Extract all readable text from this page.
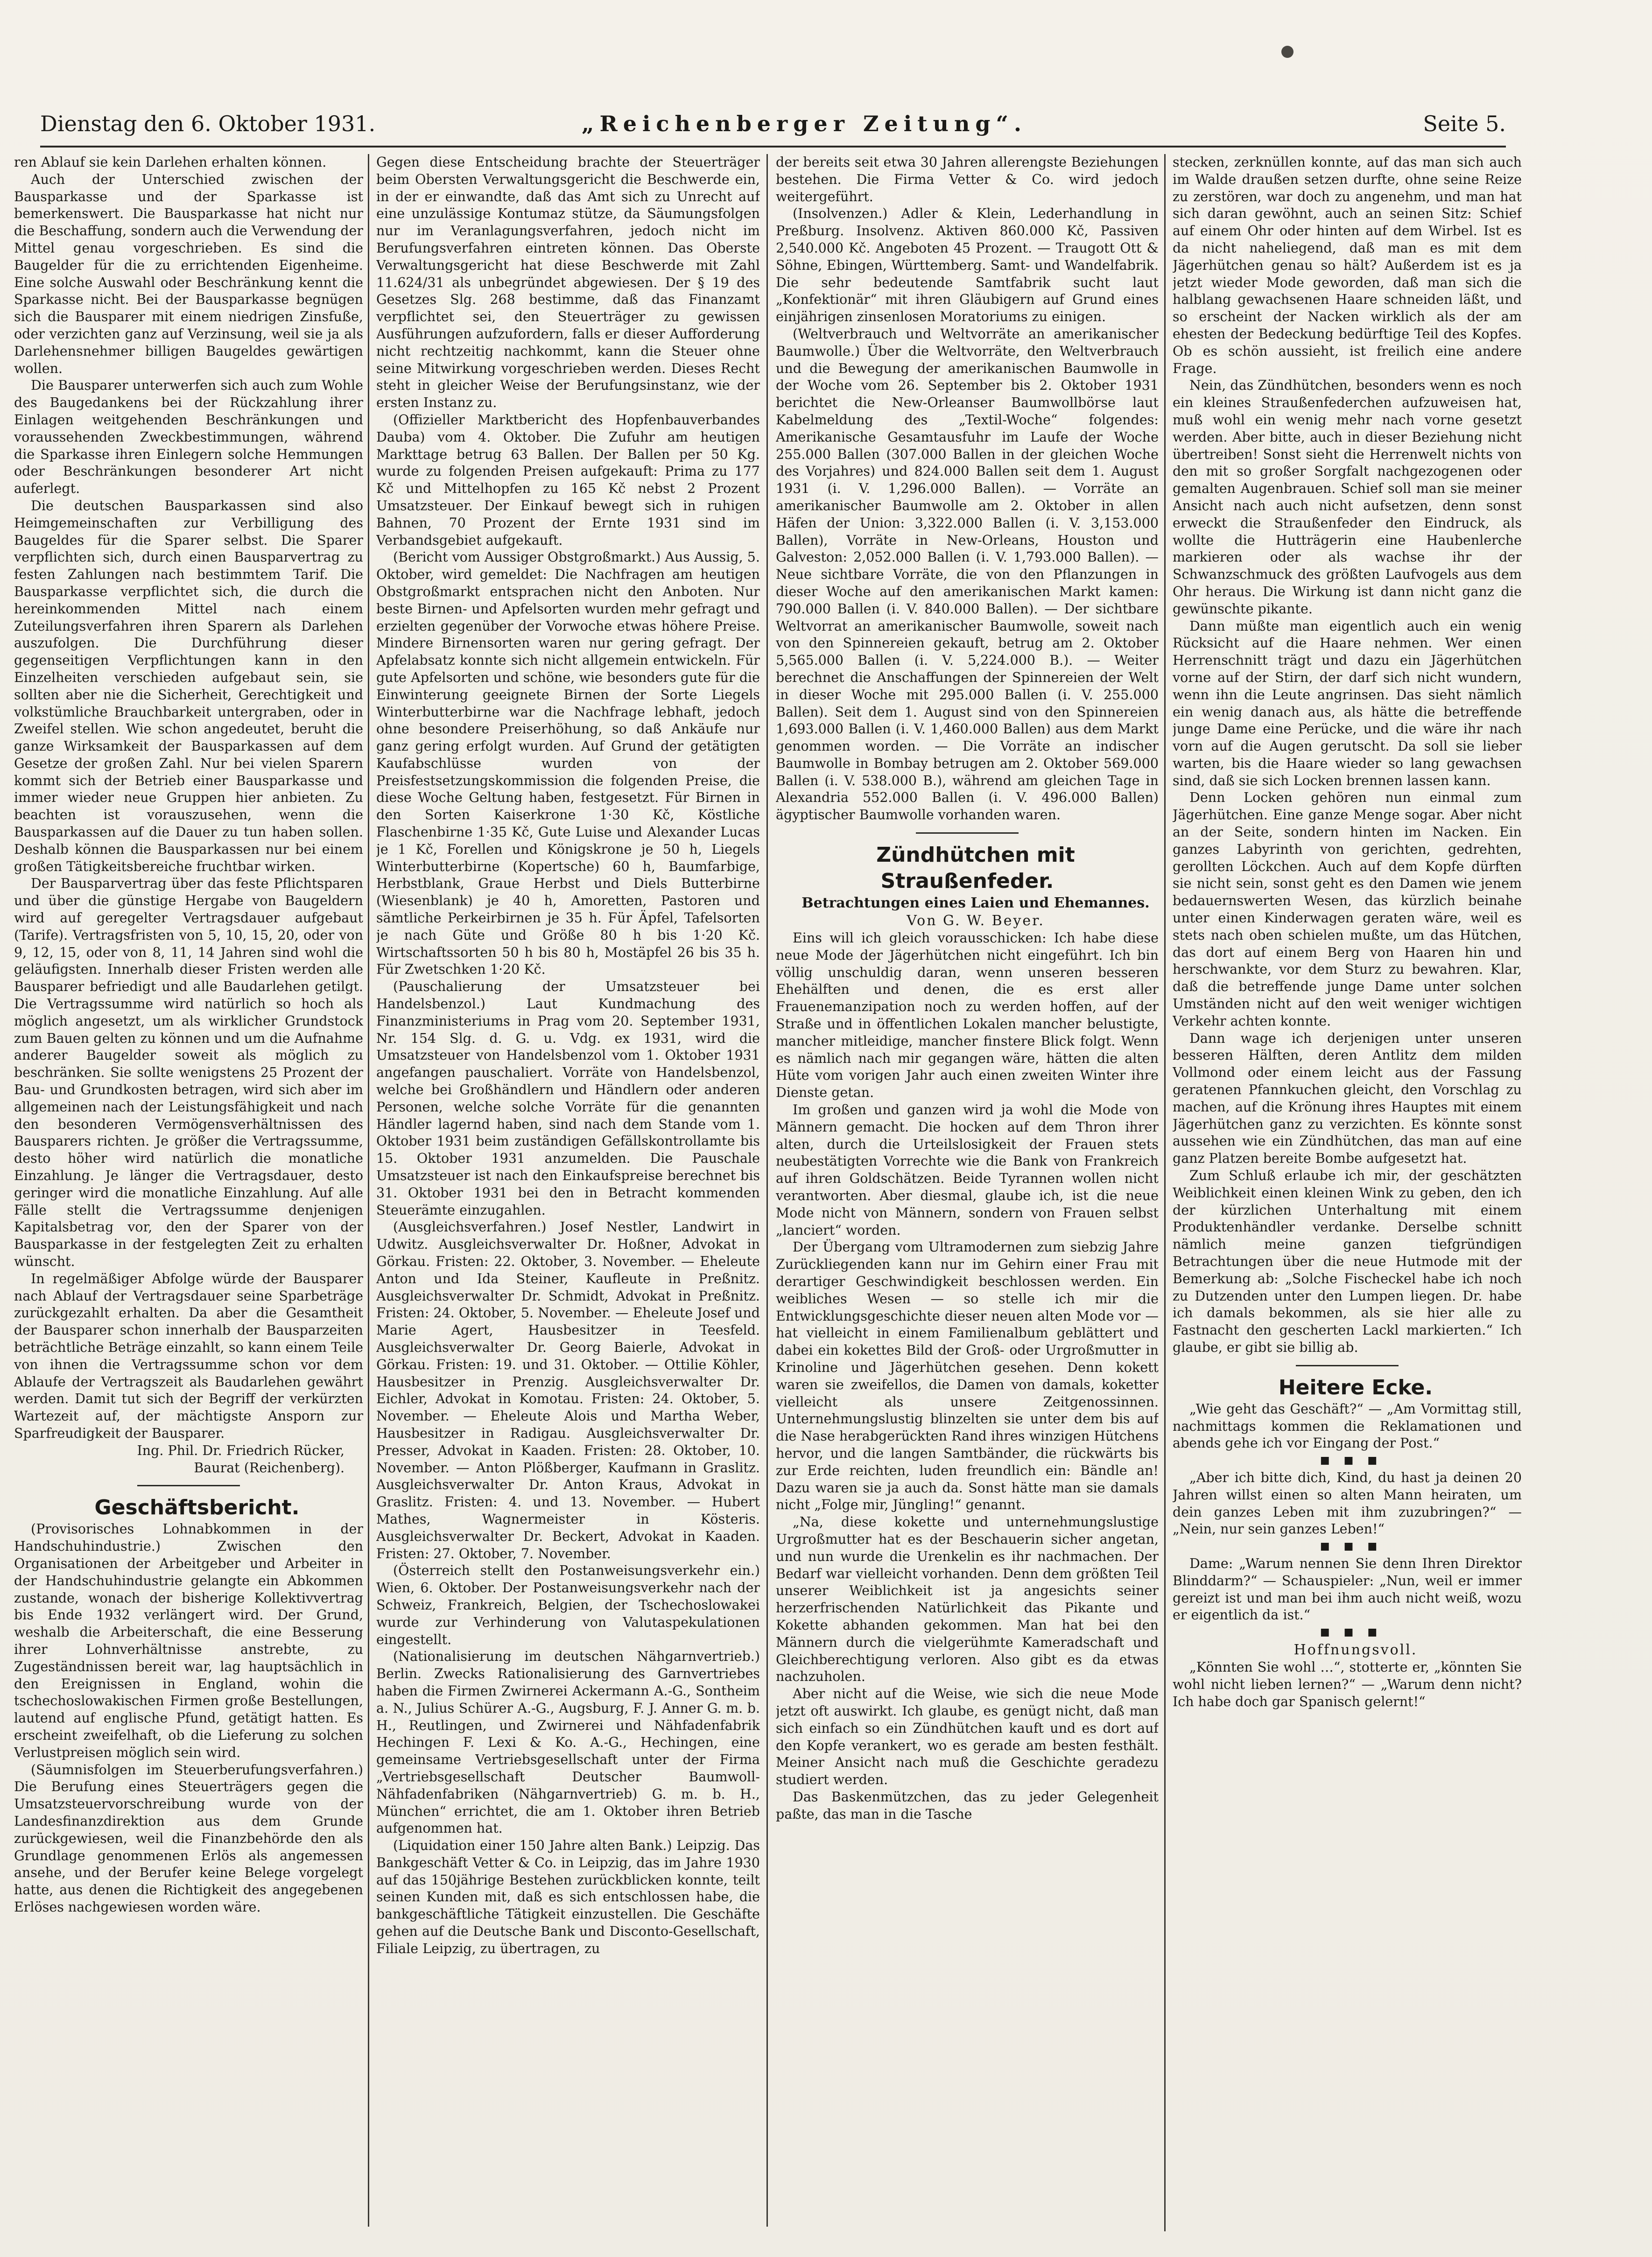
Dienstag den 6. Oktober 1931.	„Reichenberger Zeitung“.	Seite 5.

ren Ablauf sie kein Darlehen erhalten können.

Auch der Unterschied zwischen der Bausparkasse und der Sparkasse ist bemerkenswert. Die Bausparkasse hat nicht nur die Beschaffung, sondern auch die Verwendung der Mittel genau vorgeschrieben. Es sind die Baugelder für die zu errichtenden Eigenheime. Eine solche Auswahl oder Beschränkung kennt die Sparkasse nicht. Bei der Bausparkasse begnügen sich die Bausparer mit einem niedrigen Zinsfuße, oder verzichten ganz auf Verzinsung, weil sie ja als Darlehensnehmer billigen Baugeldes gewärtigen wollen.

Die Bausparer unterwerfen sich auch zum Wohle des Baugedankens bei der Rückzahlung ihrer Einlagen weitgehenden Beschränkungen und voraussehenden Zweckbestimmungen, während die Sparkasse ihren Einlegern solche Hemmungen oder Beschränkungen besonderer Art nicht auferlegt.

Die deutschen Bausparkassen sind also Heimgemeinschaften zur Verbilligung des Baugeldes für die Sparer selbst. Die Sparer verpflichten sich, durch einen Bausparvertrag zu festen Zahlungen nach bestimmtem Tarif. Die Bausparkasse verpflichtet sich, die durch die hereinkommenden Mittel nach einem Zuteilungsverfahren ihren Sparern als Darlehen auszufolgen. Die Durchführung dieser gegenseitigen Verpflichtungen kann in den Einzelheiten verschieden aufgebaut sein, sie sollten aber nie die Sicherheit, Gerechtigkeit und volkstümliche Brauchbarkeit untergraben, oder in Zweifel stellen. Wie schon angedeutet, beruht die ganze Wirksamkeit der Bausparkassen auf dem Gesetze der großen Zahl. Nur bei vielen Sparern kommt sich der Betrieb einer Bausparkasse und immer wieder neue Gruppen hier anbieten. Zu beachten ist vorauszusehen, wenn die Bausparkassen auf die Dauer zu tun haben sollen. Deshalb können die Bausparkassen nur bei einem großen Tätigkeitsbereiche fruchtbar wirken.

Der Bausparvertrag über das feste Pflichtsparen und über die günstige Hergabe von Baugeldern wird auf geregelter Vertragsdauer aufgebaut (Tarife). Vertragsfristen von 5, 10, 15, 20, oder von 9, 12, 15, oder von 8, 11, 14 Jahren sind wohl die geläufigsten. Innerhalb dieser Fristen werden alle Bausparer befriedigt und alle Baudarlehen getilgt. Die Vertragssumme wird natürlich so hoch als möglich angesetzt, um als wirklicher Grundstock zum Bauen gelten zu können und um die Aufnahme anderer Baugelder soweit als möglich zu beschränken. Sie sollte wenigstens 25 Prozent der Bau- und Grundkosten betragen, wird sich aber im allgemeinen nach der Leistungsfähigkeit und nach den besonderen Vermögensverhältnissen des Bausparers richten. Je größer die Vertragssumme, desto höher wird natürlich die monatliche Einzahlung. Je länger die Vertragsdauer, desto geringer wird die monatliche Einzahlung. Auf alle Fälle stellt die Vertragssumme denjenigen Kapitalsbetrag vor, den der Sparer von der Bausparkasse in der festgelegten Zeit zu erhalten wünscht.

In regelmäßiger Abfolge würde der Bausparer nach Ablauf der Vertragsdauer seine Sparbeträge zurückgezahlt erhalten. Da aber die Gesamtheit der Bausparer schon innerhalb der Bausparzeiten beträchtliche Beträge einzahlt, so kann einem Teile von ihnen die Vertragssumme schon vor dem Ablaufe der Vertragszeit als Baudarlehen gewährt werden. Damit tut sich der Begriff der verkürzten Wartezeit auf, der mächtigste Ansporn zur Sparfreudigkeit der Bausparer.

Ing. Phil. Dr. Friedrich Rücker,

Baurat (Reichenberg).

Geschäftsbericht.

(Provisorisches Lohnabkommen in der Handschuhindustrie.) Zwischen den Organisationen der Arbeitgeber und Arbeiter in der Handschuhindustrie gelangte ein Abkommen zustande, wonach der bisherige Kollektivvertrag bis Ende 1932 verlängert wird. Der Grund, weshalb die Arbeiterschaft, die eine Besserung ihrer Lohnverhältnisse anstrebte, zu Zugeständnissen bereit war, lag hauptsächlich in den Ereignissen in England, wohin die tschechoslowakischen Firmen große Bestellungen, lautend auf englische Pfund, getätigt hatten. Es erscheint zweifelhaft, ob die Lieferung zu solchen Verlustpreisen möglich sein wird.

(Säumnisfolgen im Steuerberufungsverfahren.) Die Berufung eines Steuerträgers gegen die Umsatzsteuervorschreibung wurde von der Landesfinanzdirektion aus dem Grunde zurückgewiesen, weil die Finanzbehörde den als Grundlage genommenen Erlös als angemessen ansehe, und der Berufer keine Belege vorgelegt hatte, aus denen die Richtigkeit des angegebenen Erlöses nachgewiesen worden wäre.

Gegen diese Entscheidung brachte der Steuerträger beim Obersten Verwaltungsgericht die Beschwerde ein, in der er einwandte, daß das Amt sich zu Unrecht auf eine unzulässige Kontumaz stütze, da Säumungsfolgen nur im Veranlagungsverfahren, jedoch nicht im Berufungsverfahren eintreten können. Das Oberste Verwaltungsgericht hat diese Beschwerde mit Zahl 11.624/31 als unbegründet abgewiesen. Der § 19 des Gesetzes Slg. 268 bestimme, daß das Finanzamt verpflichtet sei, den Steuerträger zu gewissen Ausführungen aufzufordern, falls er dieser Aufforderung nicht rechtzeitig nachkommt, kann die Steuer ohne seine Mitwirkung vorgeschrieben werden. Dieses Recht steht in gleicher Weise der Berufungsinstanz, wie der ersten Instanz zu.

(Offizieller Marktbericht des Hopfenbauverbandes Dauba) vom 4. Oktober. Die Zufuhr am heutigen Markttage betrug 63 Ballen. Der Ballen per 50 Kg. wurde zu folgenden Preisen aufgekauft: Prima zu 177 Kč und Mittelhopfen zu 165 Kč nebst 2 Prozent Umsatzsteuer. Der Einkauf bewegt sich in ruhigen Bahnen, 70 Prozent der Ernte 1931 sind im Verbandsgebiet aufgekauft.

(Bericht vom Aussiger Obstgroßmarkt.) Aus Aussig, 5. Oktober, wird gemeldet: Die Nachfragen am heutigen Obstgroßmarkt entsprachen nicht den Anboten. Nur beste Birnen- und Apfelsorten wurden mehr gefragt und erzielten gegenüber der Vorwoche etwas höhere Preise. Mindere Birnensorten waren nur gering gefragt. Der Apfelabsatz konnte sich nicht allgemein entwickeln. Für gute Apfelsorten und schöne, wie besonders gute für die Einwinterung geeignete Birnen der Sorte Liegels Winterbutterbirne war die Nachfrage lebhaft, jedoch ohne besondere Preiserhöhung, so daß Ankäufe nur ganz gering erfolgt wurden. Auf Grund der getätigten Kaufabschlüsse wurden von der Preisfestsetzungskommission die folgenden Preise, die diese Woche Geltung haben, festgesetzt. Für Birnen in den Sorten Kaiserkrone 1·30 Kč, Köstliche Flaschenbirne 1·35 Kč, Gute Luise und Alexander Lucas je 1 Kč, Forellen und Königskrone je 50 h, Liegels Winterbutterbirne (Kopertsche) 60 h, Baumfarbige, Herbstblank, Graue Herbst und Diels Butterbirne (Wiesenblank) je 40 h, Amoretten, Pastoren und sämtliche Perkeirbirnen je 35 h. Für Äpfel, Tafelsorten je nach Güte und Größe 80 h bis 1·20 Kč. Wirtschaftssorten 50 h bis 80 h, Mostäpfel 26 bis 35 h. Für Zwetschken 1·20 Kč.

(Pauschalierung der Umsatzsteuer bei Handelsbenzol.) Laut Kundmachung des Finanzministeriums in Prag vom 20. September 1931, Nr. 154 Slg. d. G. u. Vdg. ex 1931, wird die Umsatzsteuer von Handelsbenzol vom 1. Oktober 1931 angefangen pauschaliert. Vorräte von Handelsbenzol, welche bei Großhändlern und Händlern oder anderen Personen, welche solche Vorräte für die genannten Händler lagernd haben, sind nach dem Stande vom 1. Oktober 1931 beim zuständigen Gefällskontrollamte bis 15. Oktober 1931 anzumelden. Die Pauschale Umsatzsteuer ist nach den Einkaufspreise berechnet bis 31. Oktober 1931 bei den in Betracht kommenden Steuerämte einzugahlen.

(Ausgleichsverfahren.) Josef Nestler, Landwirt in Udwitz. Ausgleichsverwalter Dr. Hoßner, Advokat in Görkau. Fristen: 22. Oktober, 3. November. — Eheleute Anton und Ida Steiner, Kaufleute in Preßnitz. Ausgleichsverwalter Dr. Schmidt, Advokat in Preßnitz. Fristen: 24. Oktober, 5. November. — Eheleute Josef und Marie Agert, Hausbesitzer in Teesfeld. Ausgleichsverwalter Dr. Georg Baierle, Advokat in Görkau. Fristen: 19. und 31. Oktober. — Ottilie Köhler, Hausbesitzer in Prenzig. Ausgleichsverwalter Dr. Eichler, Advokat in Komotau. Fristen: 24. Oktober, 5. November. — Eheleute Alois und Martha Weber, Hausbesitzer in Radigau. Ausgleichsverwalter Dr. Presser, Advokat in Kaaden. Fristen: 28. Oktober, 10. November. — Anton Plößberger, Kaufmann in Graslitz. Ausgleichsverwalter Dr. Anton Kraus, Advokat in Graslitz. Fristen: 4. und 13. November. — Hubert Mathes, Wagnermeister in Kösteris. Ausgleichsverwalter Dr. Beckert, Advokat in Kaaden. Fristen: 27. Oktober, 7. November.

(Österreich stellt den Postanweisungsverkehr ein.) Wien, 6. Oktober. Der Postanweisungsverkehr nach der Schweiz, Frankreich, Belgien, der Tschechoslowakei wurde zur Verhinderung von Valutaspekulationen eingestellt.

(Nationalisierung im deutschen Nähgarnvertrieb.) Berlin. Zwecks Rationalisierung des Garnvertriebes haben die Firmen Zwirnerei Ackermann A.-G., Sontheim a. N., Julius Schürer A.-G., Augsburg, F. J. Anner G. m. b. H., Reutlingen, und Zwirnerei und Nähfadenfabrik Hechingen F. Lexi & Ko. A.-G., Hechingen, eine gemeinsame Vertriebsgesellschaft unter der Firma „Vertriebsgesellschaft Deutscher Baumwoll-Nähfadenfabriken (Nähgarnvertrieb) G. m. b. H., München“ errichtet, die am 1. Oktober ihren Betrieb aufgenommen hat.

(Liquidation einer 150 Jahre alten Bank.) Leipzig. Das Bankgeschäft Vetter & Co. in Leipzig, das im Jahre 1930 auf das 150jährige Bestehen zurückblicken konnte, teilt seinen Kunden mit, daß es sich entschlossen habe, die bankgeschäftliche Tätigkeit einzustellen. Die Geschäfte gehen auf die Deutsche Bank und Disconto-Gesellschaft, Filiale Leipzig, zu übertragen, zu

der bereits seit etwa 30 Jahren allerengste Beziehungen bestehen. Die Firma Vetter & Co. wird jedoch weitergeführt.

(Insolvenzen.) Adler & Klein, Lederhandlung in Preßburg. Insolvenz. Aktiven 860.000 Kč, Passiven 2,540.000 Kč. Angeboten 45 Prozent. — Traugott Ott & Söhne, Ebingen, Württemberg. Samt- und Wandelfabrik. Die sehr bedeutende Samtfabrik sucht laut „Konfektionär“ mit ihren Gläubigern auf Grund eines einjährigen zinsenlosen Moratoriums zu einigen.

(Weltverbrauch und Weltvorräte an amerikanischer Baumwolle.) Über die Weltvorräte, den Weltverbrauch und die Bewegung der amerikanischen Baumwolle in der Woche vom 26. September bis 2. Oktober 1931 berichtet die New-Orleanser Baumwollbörse laut Kabelmeldung des „Textil-Woche“ folgendes: Amerikanische Gesamtausfuhr im Laufe der Woche 255.000 Ballen (307.000 Ballen in der gleichen Woche des Vorjahres) und 824.000 Ballen seit dem 1. August 1931 (i. V. 1,296.000 Ballen). — Vorräte an amerikanischer Baumwolle am 2. Oktober in allen Häfen der Union: 3,322.000 Ballen (i. V. 3,153.000 Ballen), Vorräte in New-Orleans, Houston und Galveston: 2,052.000 Ballen (i. V. 1,793.000 Ballen). — Neue sichtbare Vorräte, die von den Pflanzungen in dieser Woche auf den amerikanischen Markt kamen: 790.000 Ballen (i. V. 840.000 Ballen). — Der sichtbare Weltvorrat an amerikanischer Baumwolle, soweit nach von den Spinnereien gekauft, betrug am 2. Oktober 5,565.000 Ballen (i. V. 5,224.000 B.). — Weiter berechnet die Anschaffungen der Spinnereien der Welt in dieser Woche mit 295.000 Ballen (i. V. 255.000 Ballen). Seit dem 1. August sind von den Spinnereien 1,693.000 Ballen (i. V. 1,460.000 Ballen) aus dem Markt genommen worden. — Die Vorräte an indischer Baumwolle in Bombay betrugen am 2. Oktober 569.000 Ballen (i. V. 538.000 B.), während am gleichen Tage in Alexandria 552.000 Ballen (i. V. 496.000 Ballen) ägyptischer Baumwolle vorhanden waren.

Zündhütchen mit Straußenfeder.

Betrachtungen eines Laien und Ehemannes.

Von G. W. Beyer.

Eins will ich gleich vorausschicken: Ich habe diese neue Mode der Jägerhütchen nicht eingeführt. Ich bin völlig unschuldig daran, wenn unseren besseren Ehehälften und denen, die es erst aller Frauenemanzipation noch zu werden hoffen, auf der Straße und in öffentlichen Lokalen mancher belustigte, mancher mitleidige, mancher finstere Blick folgt. Wenn es nämlich nach mir gegangen wäre, hätten die alten Hüte vom vorigen Jahr auch einen zweiten Winter ihre Dienste getan.

Im großen und ganzen wird ja wohl die Mode von Männern gemacht. Die hocken auf dem Thron ihrer alten, durch die Urteilslosigkeit der Frauen stets neubestätigten Vorrechte wie die Bank von Frankreich auf ihren Goldschätzen. Beide Tyrannen wollen nicht verantworten. Aber diesmal, glaube ich, ist die neue Mode nicht von Männern, sondern von Frauen selbst „lanciert“ worden.

Der Übergang vom Ultramodernen zum siebzig Jahre Zurückliegenden kann nur im Gehirn einer Frau mit derartiger Geschwindigkeit beschlossen werden. Ein weibliches Wesen — so stelle ich mir die Entwicklungsgeschichte dieser neuen alten Mode vor — hat vielleicht in einem Familienalbum geblättert und dabei ein kokettes Bild der Groß- oder Urgroßmutter in Krinoline und Jägerhütchen gesehen. Denn kokett waren sie zweifellos, die Damen von damals, koketter vielleicht als unsere Zeitgenossinnen. Unternehmungslustig blinzelten sie unter dem bis auf die Nase herabgerückten Rand ihres winzigen Hütchens hervor, und die langen Samtbänder, die rückwärts bis zur Erde reichten, luden freundlich ein: Bändle an! Dazu waren sie ja auch da. Sonst hätte man sie damals nicht „Folge mir, Jüngling!“ genannt.

„Na, diese kokette und unternehmungslustige Urgroßmutter hat es der Beschauerin sicher angetan, und nun wurde die Urenkelin es ihr nachmachen. Der Bedarf war vielleicht vorhanden. Denn dem größten Teil unserer Weiblichkeit ist ja angesichts seiner herzerfrischenden Natürlichkeit das Pikante und Kokette abhanden gekommen. Man hat bei den Männern durch die vielgerühmte Kameradschaft und Gleichberechtigung verloren. Also gibt es da etwas nachzuholen.

Aber nicht auf die Weise, wie sich die neue Mode jetzt oft auswirkt. Ich glaube, es genügt nicht, daß man sich einfach so ein Zündhütchen kauft und es dort auf den Kopfe verankert, wo es gerade am besten festhält. Meiner Ansicht nach muß die Geschichte geradezu studiert werden.

Das Baskenmützchen, das zu jeder Gelegenheit paßte, das man in die Tasche

stecken, zerknüllen konnte, auf das man sich auch im Walde draußen setzen durfte, ohne seine Reize zu zerstören, war doch zu angenehm, und man hat sich daran gewöhnt, auch an seinen Sitz: Schief auf einem Ohr oder hinten auf dem Wirbel. Ist es da nicht naheliegend, daß man es mit dem Jägerhütchen genau so hält? Außerdem ist es ja jetzt wieder Mode geworden, daß man sich die halblang gewachsenen Haare schneiden läßt, und so erscheint der Nacken wirklich als der am ehesten der Bedeckung bedürftige Teil des Kopfes. Ob es schön aussieht, ist freilich eine andere Frage.

Nein, das Zündhütchen, besonders wenn es noch ein kleines Straußenfederchen aufzuweisen hat, muß wohl ein wenig mehr nach vorne gesetzt werden. Aber bitte, auch in dieser Beziehung nicht übertreiben! Sonst sieht die Herrenwelt nichts von den mit so großer Sorgfalt nachgezogenen oder gemalten Augenbrauen. Schief soll man sie meiner Ansicht nach auch nicht aufsetzen, denn sonst erweckt die Straußenfeder den Eindruck, als wollte die Hutträgerin eine Haubenlerche markieren oder als wachse ihr der Schwanzschmuck des größten Laufvogels aus dem Ohr heraus. Die Wirkung ist dann nicht ganz die gewünschte pikante.

Dann müßte man eigentlich auch ein wenig Rücksicht auf die Haare nehmen. Wer einen Herrenschnitt trägt und dazu ein Jägerhütchen vorne auf der Stirn, der darf sich nicht wundern, wenn ihn die Leute angrinsen. Das sieht nämlich ein wenig danach aus, als hätte die betreffende junge Dame eine Perücke, und die wäre ihr nach vorn auf die Augen gerutscht. Da soll sie lieber warten, bis die Haare wieder so lang gewachsen sind, daß sie sich Locken brennen lassen kann.

Denn Locken gehören nun einmal zum Jägerhütchen. Eine ganze Menge sogar. Aber nicht an der Seite, sondern hinten im Nacken. Ein ganzes Labyrinth von gerichten, gedrehten, gerollten Löckchen. Auch auf dem Kopfe dürften sie nicht sein, sonst geht es den Damen wie jenem bedauernswerten Wesen, das kürzlich beinahe unter einen Kinderwagen geraten wäre, weil es stets nach oben schielen mußte, um das Hütchen, das dort auf einem Berg von Haaren hin und herschwankte, vor dem Sturz zu bewahren. Klar, daß die betreffende junge Dame unter solchen Umständen nicht auf den weit weniger wichtigen Verkehr achten konnte.

Dann wage ich derjenigen unter unseren besseren Hälften, deren Antlitz dem milden Vollmond oder einem leicht aus der Fassung geratenen Pfannkuchen gleicht, den Vorschlag zu machen, auf die Krönung ihres Hauptes mit einem Jägerhütchen ganz zu verzichten. Es könnte sonst aussehen wie ein Zündhütchen, das man auf eine ganz Platzen bereite Bombe aufgesetzt hat.

Zum Schluß erlaube ich mir, der geschätzten Weiblichkeit einen kleinen Wink zu geben, den ich der kürzlichen Unterhaltung mit einem Produktenhändler verdanke. Derselbe schnitt nämlich meine ganzen tiefgründigen Betrachtungen über die neue Hutmode mit der Bemerkung ab: „Solche Fischeckel habe ich noch zu Dutzenden unter den Lumpen liegen. Dr. habe ich damals bekommen, als sie hier alle zu Fastnacht den gescherten Lackl markierten.“ Ich glaube, er gibt sie billig ab.

Heitere Ecke.

„Wie geht das Geschäft?“ — „Am Vormittag still, nachmittags kommen die Reklamationen und abends gehe ich vor Eingang der Post.“

■■■

„Aber ich bitte dich, Kind, du hast ja deinen 20 Jahren willst einen so alten Mann heiraten, um dein ganzes Leben mit ihm zuzubringen?“ — „Nein, nur sein ganzes Leben!“

■■■

Dame: „Warum nennen Sie denn Ihren Direktor Blinddarm?“ — Schauspieler: „Nun, weil er immer gereizt ist und man bei ihm auch nicht weiß, wozu er eigentlich da ist.“

■■■

Hoffnungsvoll.

„Könnten Sie wohl …“, stotterte er, „könnten Sie wohl nicht lieben lernen?“ — „Warum denn nicht? Ich habe doch gar Spanisch gelernt!“
